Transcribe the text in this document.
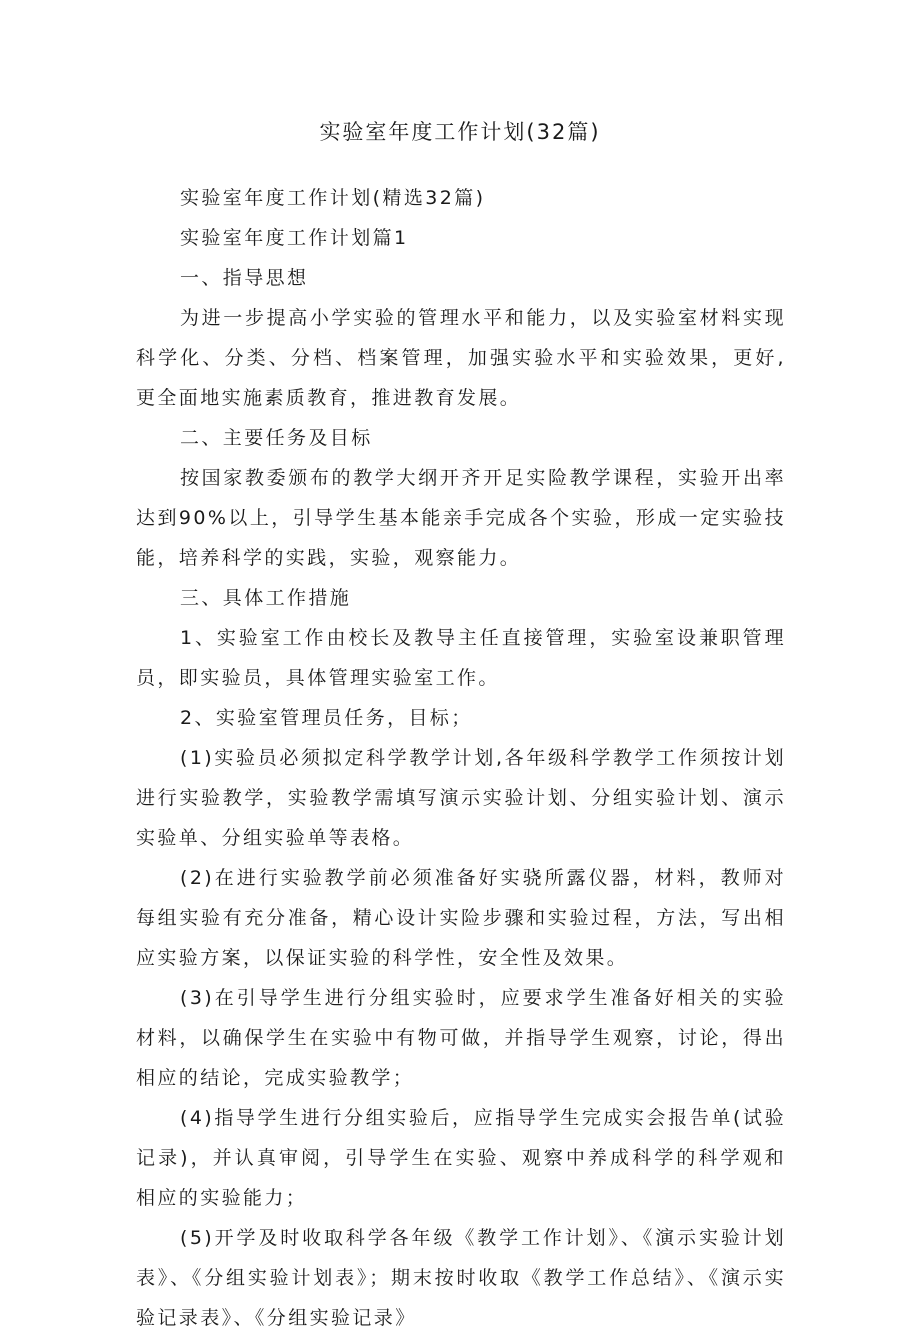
实验室年度工作计划(32篇)

实验室年度工作计划(精选32篇)

实验室年度工作计划篇1

一、指导思想

为进一步提高小学实验的管理水平和能力，以及实验室材料实现科学化、分类、分档、档案管理，加强实验水平和实验效果，更好,更全面地实施素质教育，推进教育发展。

二、主要任务及目标

按国家教委颁布的教学大纲开齐开足实险教学课程，实验开出率达到90%以上，引导学生基本能亲手完成各个实验，形成一定实验技能，培养科学的实践，实验，观察能力。

三、具体工作措施

1、实验室工作由校长及教导主任直接管理，实验室设兼职管理员，即实验员，具体管理实验室工作。

2、实验室管理员任务，目标；

(1)实验员必须拟定科学教学计划,各年级科学教学工作须按计划进行实验教学，实验教学需填写演示实验计划、分组实验计划、演示实验单、分组实验单等表格。

(2)在进行实验教学前必须准备好实骁所露仪器，材料，教师对每组实验有充分准备，精心设计实险步骤和实验过程，方法，写出相应实验方案，以保证实验的科学性，安全性及效果。

(3)在引导学生进行分组实验时，应要求学生准备好相关的实验材料，以确保学生在实验中有物可做，并指导学生观察，讨论，得出相应的结论，完成实验教学；

(4)指导学生进行分组实验后，应指导学生完成实会报告单(试验记录)，并认真审阅，引导学生在实验、观察中养成科学的科学观和相应的实验能力；

(5)开学及时收取科学各年级《教学工作计划》、《演示实验计划表》、《分组实验计划表》；期末按时收取《教学工作总结》、《演示实验记录表》、《分组实验记录》
